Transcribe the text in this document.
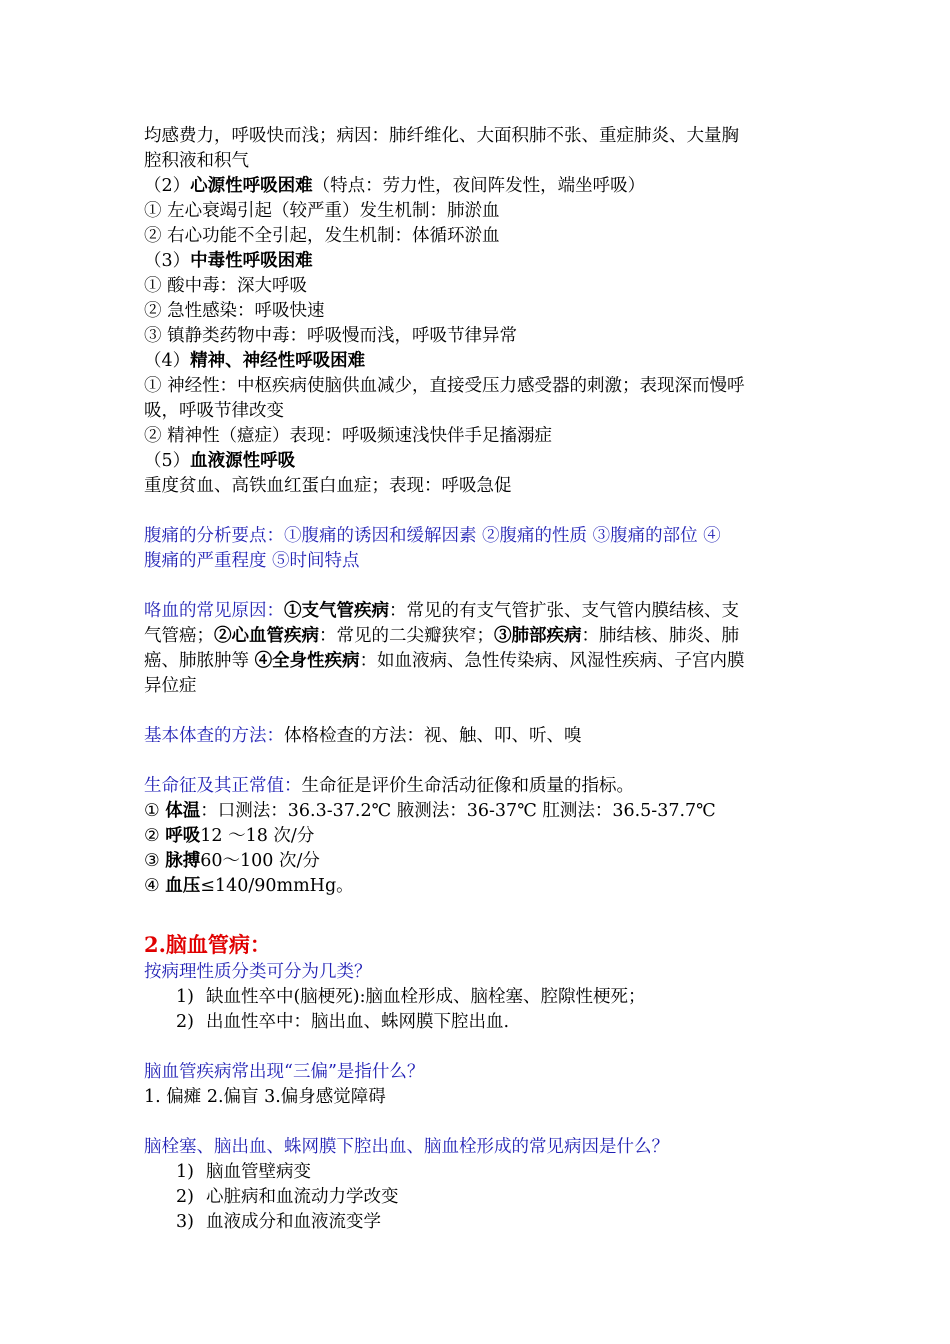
均感费力，呼吸快而浅；病因：肺纤维化、大面积肺不张、重症肺炎、大量胸
腔积液和积气
（2）心源性呼吸困难（特点：劳力性，夜间阵发性，端坐呼吸）
① 左心衰竭引起（较严重）发生机制：肺淤血
② 右心功能不全引起，发生机制：体循环淤血
（3）中毒性呼吸困难
① 酸中毒：深大呼吸
② 急性感染：呼吸快速
③ 镇静类药物中毒：呼吸慢而浅，呼吸节律异常
（4）精神、神经性呼吸困难
① 神经性：中枢疾病使脑供血减少，直接受压力感受器的刺激；表现深而慢呼
吸，呼吸节律改变
② 精神性（癔症）表现：呼吸频速浅快伴手足搐溺症
（5）血液源性呼吸
重度贫血、高铁血红蛋白血症；表现：呼吸急促
腹痛的分析要点：①腹痛的诱因和缓解因素 ②腹痛的性质 ③腹痛的部位 ④
腹痛的严重程度 ⑤时间特点
咯血的常见原因：①支气管疾病：常见的有支气管扩张、支气管内膜结核、支
气管癌；②心血管疾病：常见的二尖瓣狭窄；③肺部疾病：肺结核、肺炎、肺
癌、肺脓肿等 ④全身性疾病：如血液病、急性传染病、风湿性疾病、子宫内膜
异位症
基本体查的方法：体格检查的方法：视、触、叩、听、嗅
生命征及其正常值：生命征是评价生命活动征像和质量的指标。
① 体温：口测法：36.3-37.2℃ 腋测法：36-37℃ 肛测法：36.5-37.7℃
② 呼吸12 ～18 次/分
③ 脉搏60～100 次/分
④ 血压≤140/90mmHg。
2.脑血管病：
按病理性质分类可分为几类？
1) 缺血性卒中(脑梗死):脑血栓形成、脑栓塞、腔隙性梗死；
2) 出血性卒中：脑出血、蛛网膜下腔出血.
脑血管疾病常出现“三偏”是指什么？
1. 偏瘫 2.偏盲 3.偏身感觉障碍
脑栓塞、脑出血、蛛网膜下腔出血、脑血栓形成的常见病因是什么？
1) 脑血管壁病变
2) 心脏病和血流动力学改变
3) 血液成分和血液流变学
